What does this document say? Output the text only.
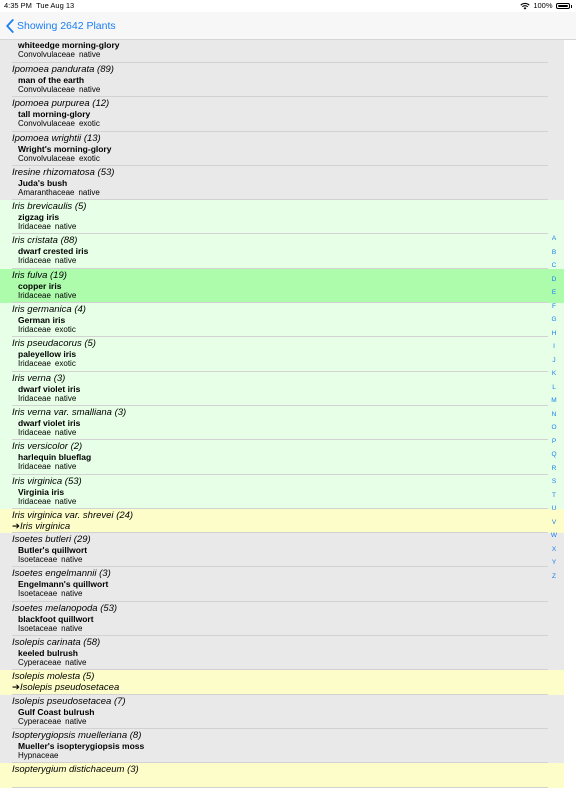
4:35 PM Tue Aug 13	100%
Showing 2642 Plants
whiteedge morning-glory
Convolvulaceae native
Ipomoea pandurata (89)
man of the earth
Convolvulaceae native
Ipomoea purpurea (12)
tall morning-glory
Convolvulaceae exotic
Ipomoea wrightii (13)
Wright's morning-glory
Convolvulaceae exotic
Iresine rhizomatosa (53)
Juda's bush
Amaranthaceae native
Iris brevicaulis (5)
zigzag iris
Iridaceae native
Iris cristata (88)
dwarf crested iris
Iridaceae native
Iris fulva (19)
copper iris
Iridaceae native
Iris germanica (4)
German iris
Iridaceae exotic
Iris pseudacorus (5)
paleyellow iris
Iridaceae exotic
Iris verna (3)
dwarf violet iris
Iridaceae native
Iris verna var. smalliana (3)
dwarf violet iris
Iridaceae native
Iris versicolor (2)
harlequin blueflag
Iridaceae native
Iris virginica (53)
Virginia iris
Iridaceae native
Iris virginica var. shrevei (24)
➔Iris virginica
Isoetes butleri (29)
Butler's quillwort
Isoetaceae native
Isoetes engelmannii (3)
Engelmann's quillwort
Isoetaceae native
Isoetes melanopoda (53)
blackfoot quillwort
Isoetaceae native
Isolepis carinata (58)
keeled bulrush
Cyperaceae native
Isolepis molesta (5)
➔Isolepis pseudosetacea
Isolepis pseudosetacea (7)
Gulf Coast bulrush
Cyperaceae native
Isopterygiopsis muelleriana (8)
Mueller's isopterygiopsis moss
Hypnaceae
Isopterygium distichaceum (3)
A
B
C
D
E
F
G
H
I
J
K
L
M
N
O
P
Q
R
S
T
U
V
W
X
Y
Z
